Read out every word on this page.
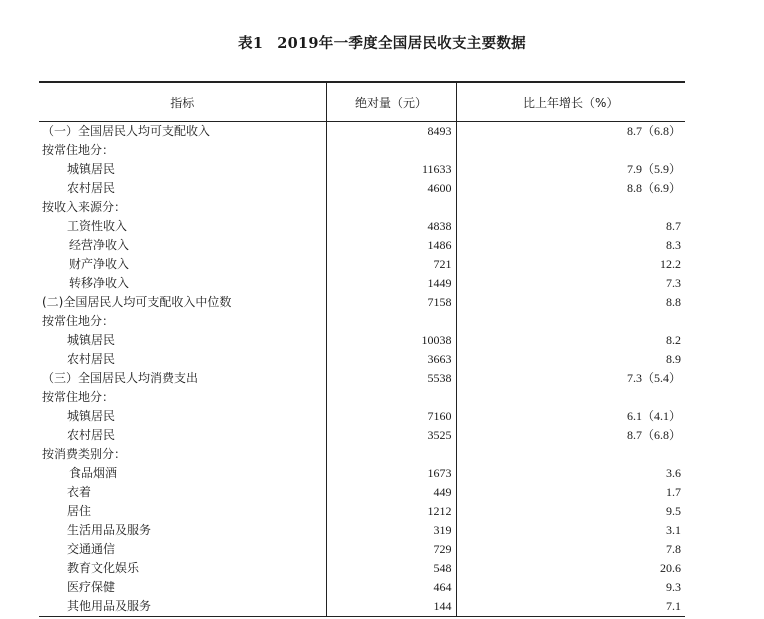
表1 2019年一季度全国居民收支主要数据
指标	绝对量（元）	比上年增长（%）
（一）全国居民人均可支配收入	8493	8.7（6.8）
按常住地分：		
城镇居民	11633	7.9（5.9）
农村居民	4600	8.8（6.9）
按收入来源分：		
工资性收入	4838	8.7
经营净收入	1486	8.3
财产净收入	721	12.2
转移净收入	1449	7.3
(二)全国居民人均可支配收入中位数	7158	8.8
按常住地分：		
城镇居民	10038	8.2
农村居民	3663	8.9
（三）全国居民人均消费支出	5538	7.3（5.4）
按常住地分：		
城镇居民	7160	6.1（4.1）
农村居民	3525	8.7（6.8）
按消费类别分：		
食品烟酒	1673	3.6
衣着	449	1.7
居住	1212	9.5
生活用品及服务	319	3.1
交通通信	729	7.8
教育文化娱乐	548	20.6
医疗保健	464	9.3
其他用品及服务	144	7.1
